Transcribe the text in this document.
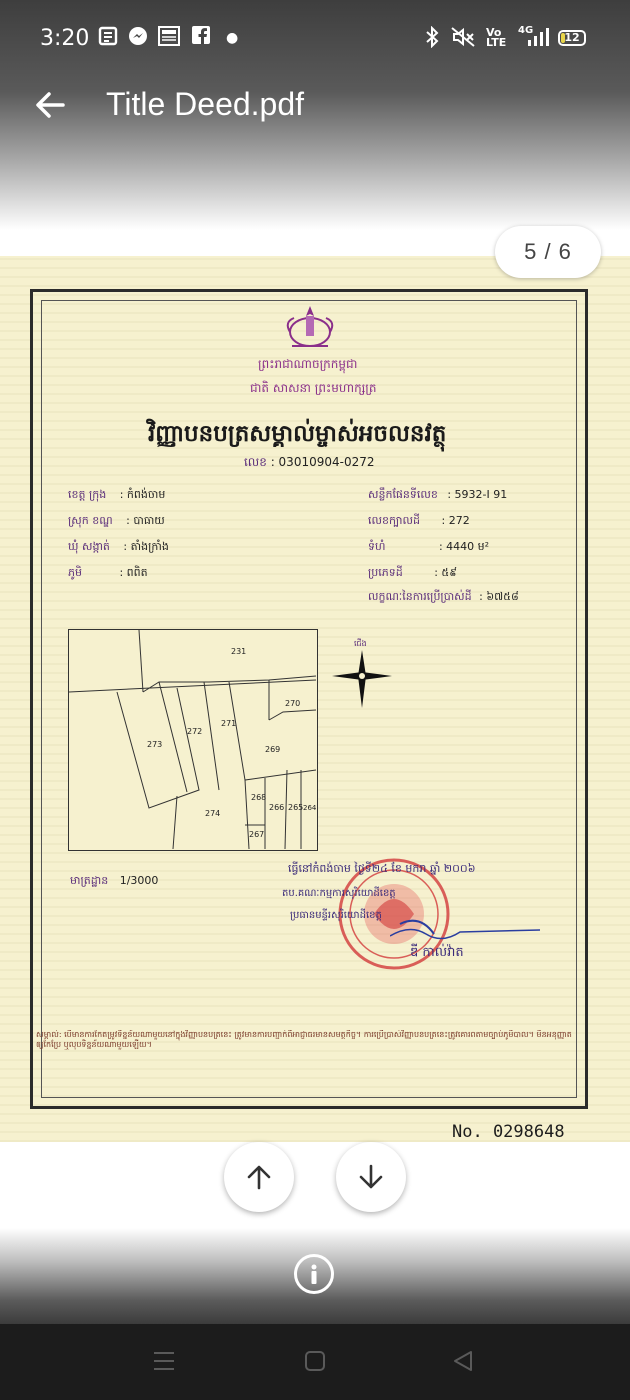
3:20	●	Vo
LTE
4G
12
Title Deed.pdf
ព្រះរាជាណាចក្រកម្ពុជា
ជាតិ សាសនា ព្រះមហាក្សត្រ
វិញ្ញាបនបត្រសម្គាល់ម្ចាស់អចលនវត្ថុ
លេខ : 03010904-0272
ខេត្ត ក្រុង : កំពង់ចាម
ស្រុក ខណ្ឌ : បាធាយ
ឃុំ សង្កាត់ : តាំងក្រាំង
ភូមិ	: ពពិត
សន្លឹកផែនទីលេខ : 5932-I 91
លេខក្បាលដី : 272
ទំហំ	: 4440 ម²
ប្រភេទដី	: ៥៩
លក្ខណៈនៃការប្រើប្រាស់ដី : ៦៧៥៨
231
270
271
272
273
269
268
266 265 264
274
267
ជើង
មាត្រដ្ឋាន 1/3000
ធ្វើនៅកំពង់ចាម ថ្ងៃទី២៤ ខែ មករា ឆ្នាំ ២០០៦
តប.គណៈកម្មការសុរិយោដីខេត្ត
ប្រធានមន្ទីរសុរិយោដីខេត្ត
ឌី កាល់វ៉ាត
សម្គាល់: បើមានការកែតម្រូវទិន្នន័យណាមួយនៅក្នុងវិញ្ញាបនបត្រនេះ ត្រូវមានការបញ្ជាក់ពីអាជ្ញាធរមានសមត្ថកិច្ច។ ការប្រើប្រាស់វិញ្ញាបនបត្រនេះត្រូវគោរពតាមច្បាប់ភូមិបាល។ មិនអនុញ្ញាតឲ្យកែប្រែ ឬលុបទិន្នន័យណាមួយឡើយ។
No. 0298648
5 / 6
